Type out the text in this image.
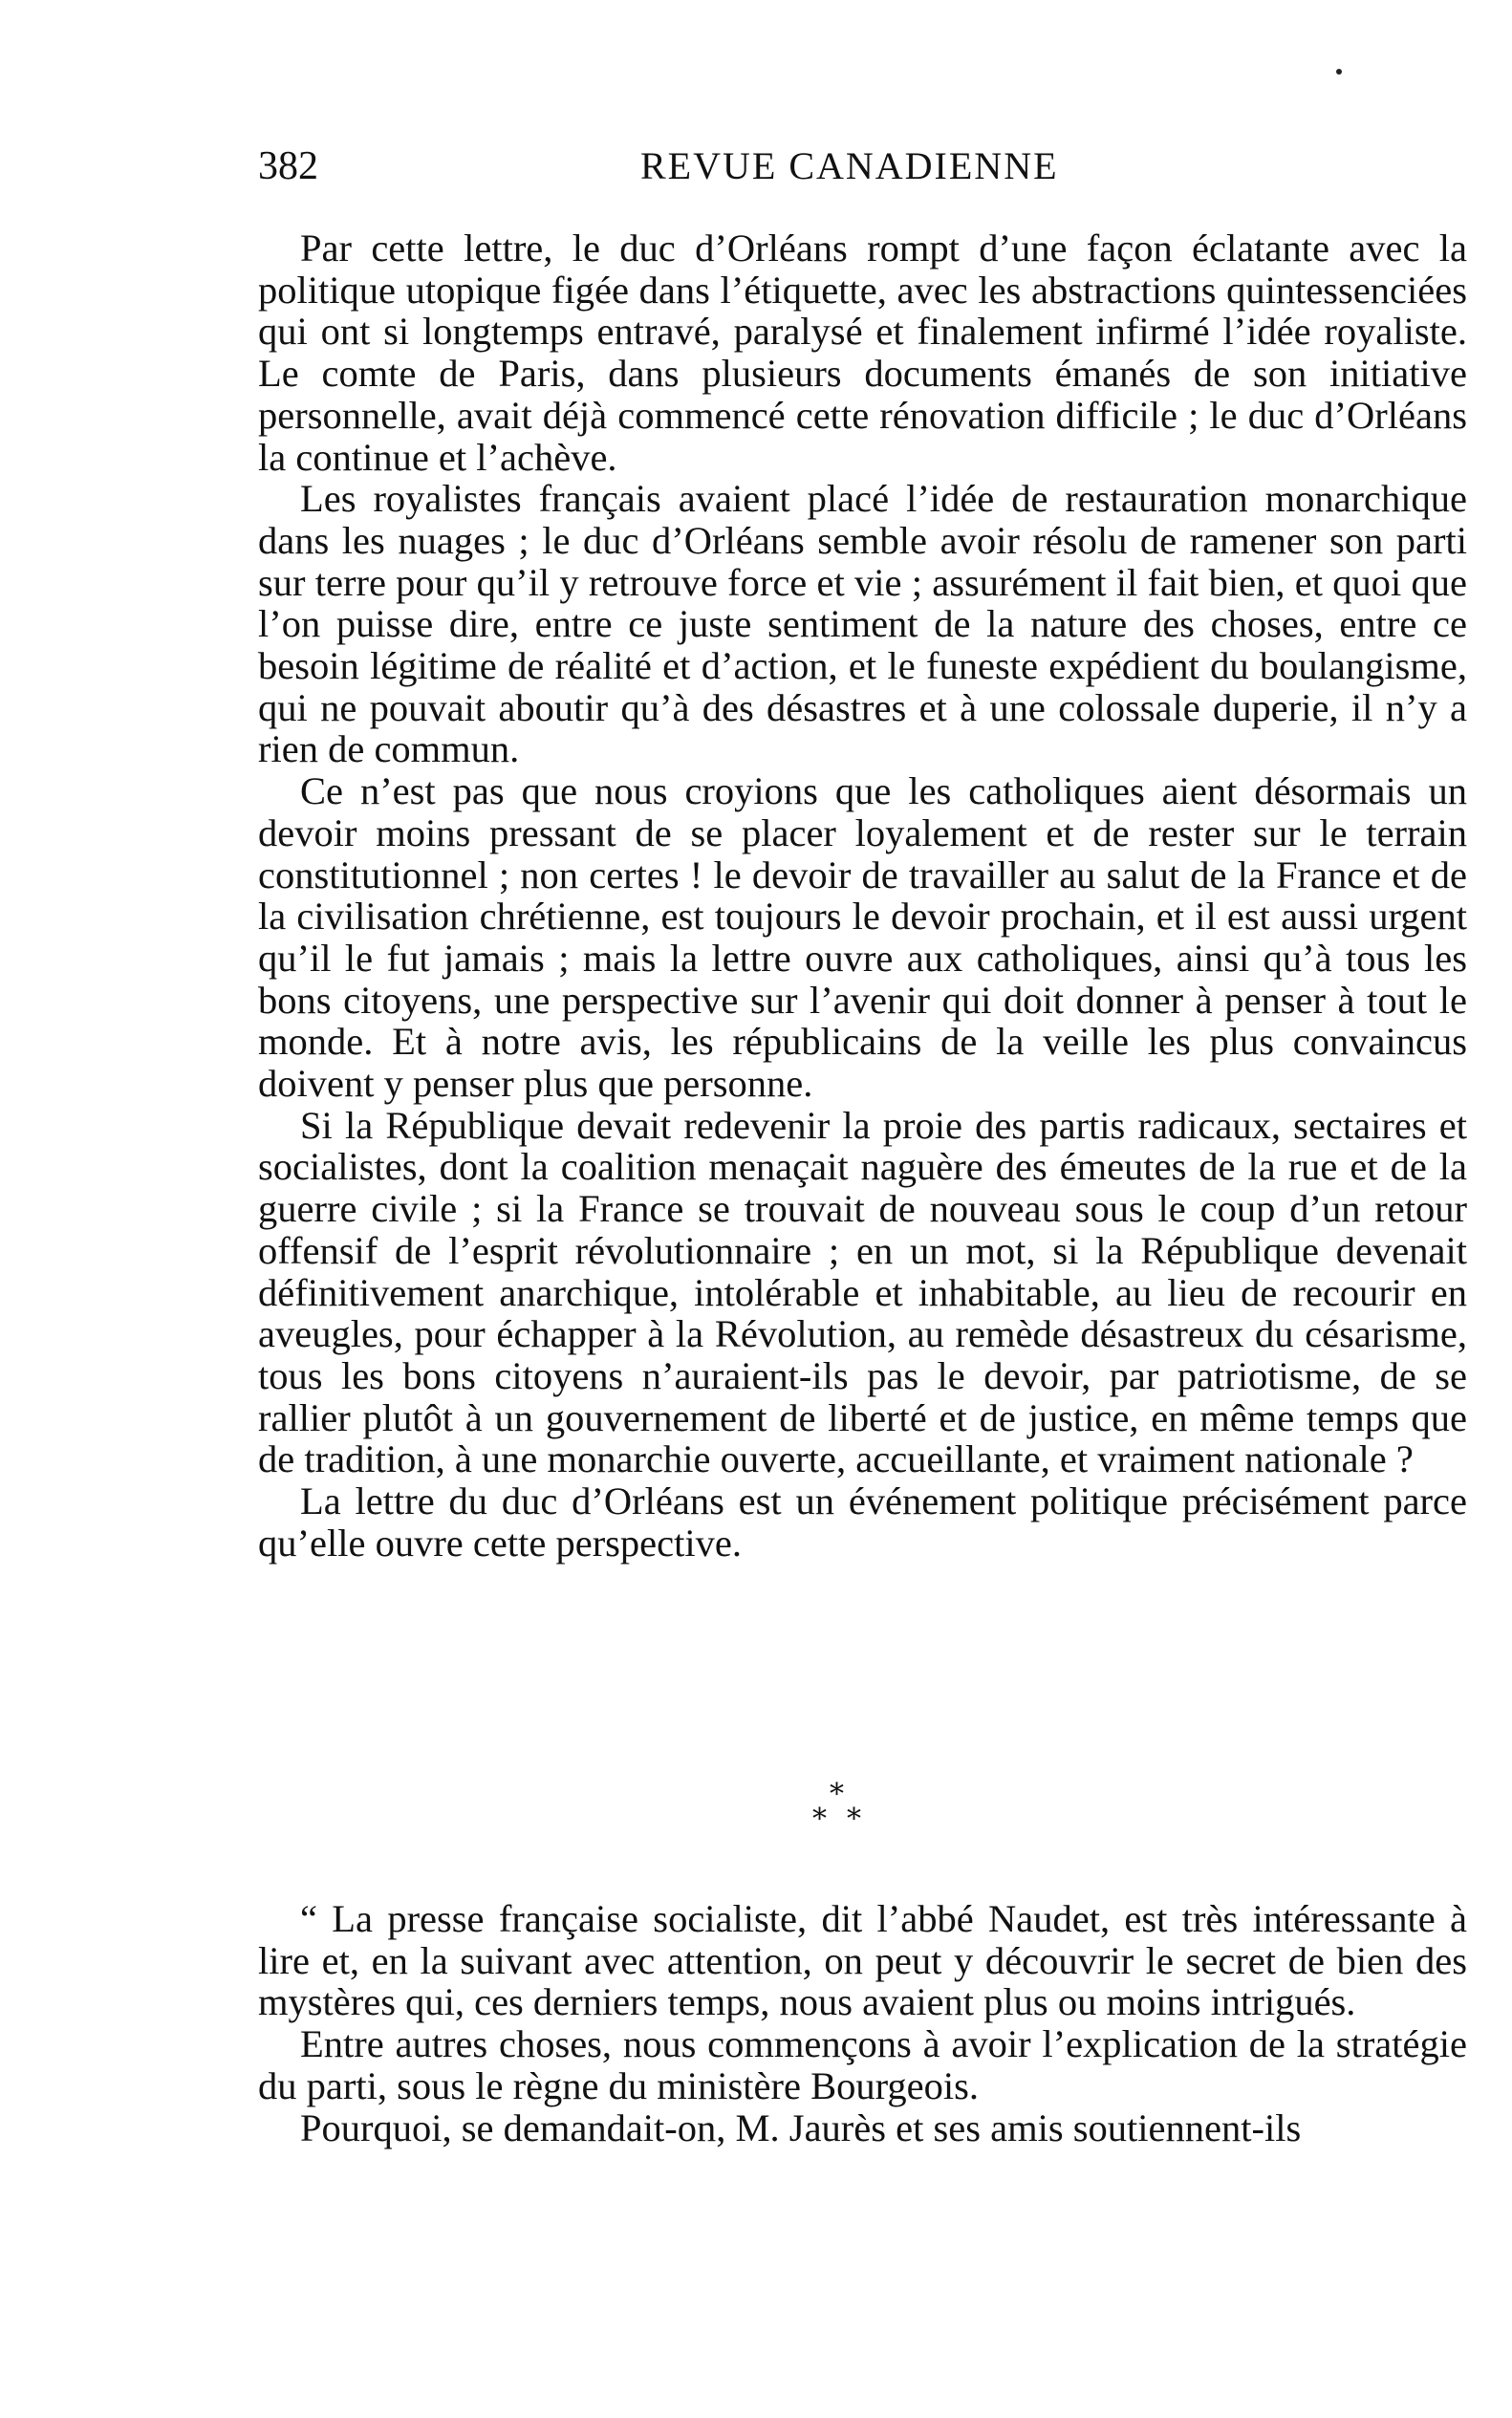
382	REVUE CANADIENNE

Par cette lettre, le duc d’Orléans rompt d’une façon éclatante avec la politique utopique figée dans l’étiquette, avec les abstractions quintessenciées qui ont si longtemps entravé, paralysé et finalement infirmé l’idée royaliste. Le comte de Paris, dans plusieurs documents émanés de son initiative personnelle, avait déjà commencé cette rénovation difficile ; le duc d’Orléans la continue et l’achève.

Les royalistes français avaient placé l’idée de restauration monarchique dans les nuages ; le duc d’Orléans semble avoir résolu de ramener son parti sur terre pour qu’il y retrouve force et vie ; assurément il fait bien, et quoi que l’on puisse dire, entre ce juste sentiment de la nature des choses, entre ce besoin légitime de réalité et d’action, et le funeste expédient du boulangisme, qui ne pouvait aboutir qu’à des désastres et à une colossale duperie, il n’y a rien de commun.

Ce n’est pas que nous croyions que les catholiques aient désormais un devoir moins pressant de se placer loyalement et de rester sur le terrain constitutionnel ; non certes ! le devoir de travailler au salut de la France et de la civilisation chrétienne, est toujours le devoir prochain, et il est aussi urgent qu’il le fut jamais ; mais la lettre ouvre aux catholiques, ainsi qu’à tous les bons citoyens, une perspective sur l’avenir qui doit donner à penser à tout le monde. Et à notre avis, les républicains de la veille les plus convaincus doivent y penser plus que personne.

Si la République devait redevenir la proie des partis radicaux, sectaires et socialistes, dont la coalition menaçait naguère des émeutes de la rue et de la guerre civile ; si la France se trouvait de nouveau sous le coup d’un retour offensif de l’esprit révolutionnaire ; en un mot, si la République devenait définitivement anarchique, intolérable et inhabitable, au lieu de recourir en aveugles, pour échapper à la Révolution, au remède désastreux du césarisme, tous les bons citoyens n’auraient-ils pas le devoir, par patriotisme, de se rallier plutôt à un gouvernement de liberté et de justice, en même temps que de tradition, à une monarchie ouverte, accueillante, et vraiment nationale ?

La lettre du duc d’Orléans est un événement politique précisément parce qu’elle ouvre cette perspective.

*
* *

“ La presse française socialiste, dit l’abbé Naudet, est très intéressante à lire et, en la suivant avec attention, on peut y découvrir le secret de bien des mystères qui, ces derniers temps, nous avaient plus ou moins intrigués.

Entre autres choses, nous commençons à avoir l’explication de la stratégie du parti, sous le règne du ministère Bourgeois.

Pourquoi, se demandait-on, M. Jaurès et ses amis soutiennent-ils
